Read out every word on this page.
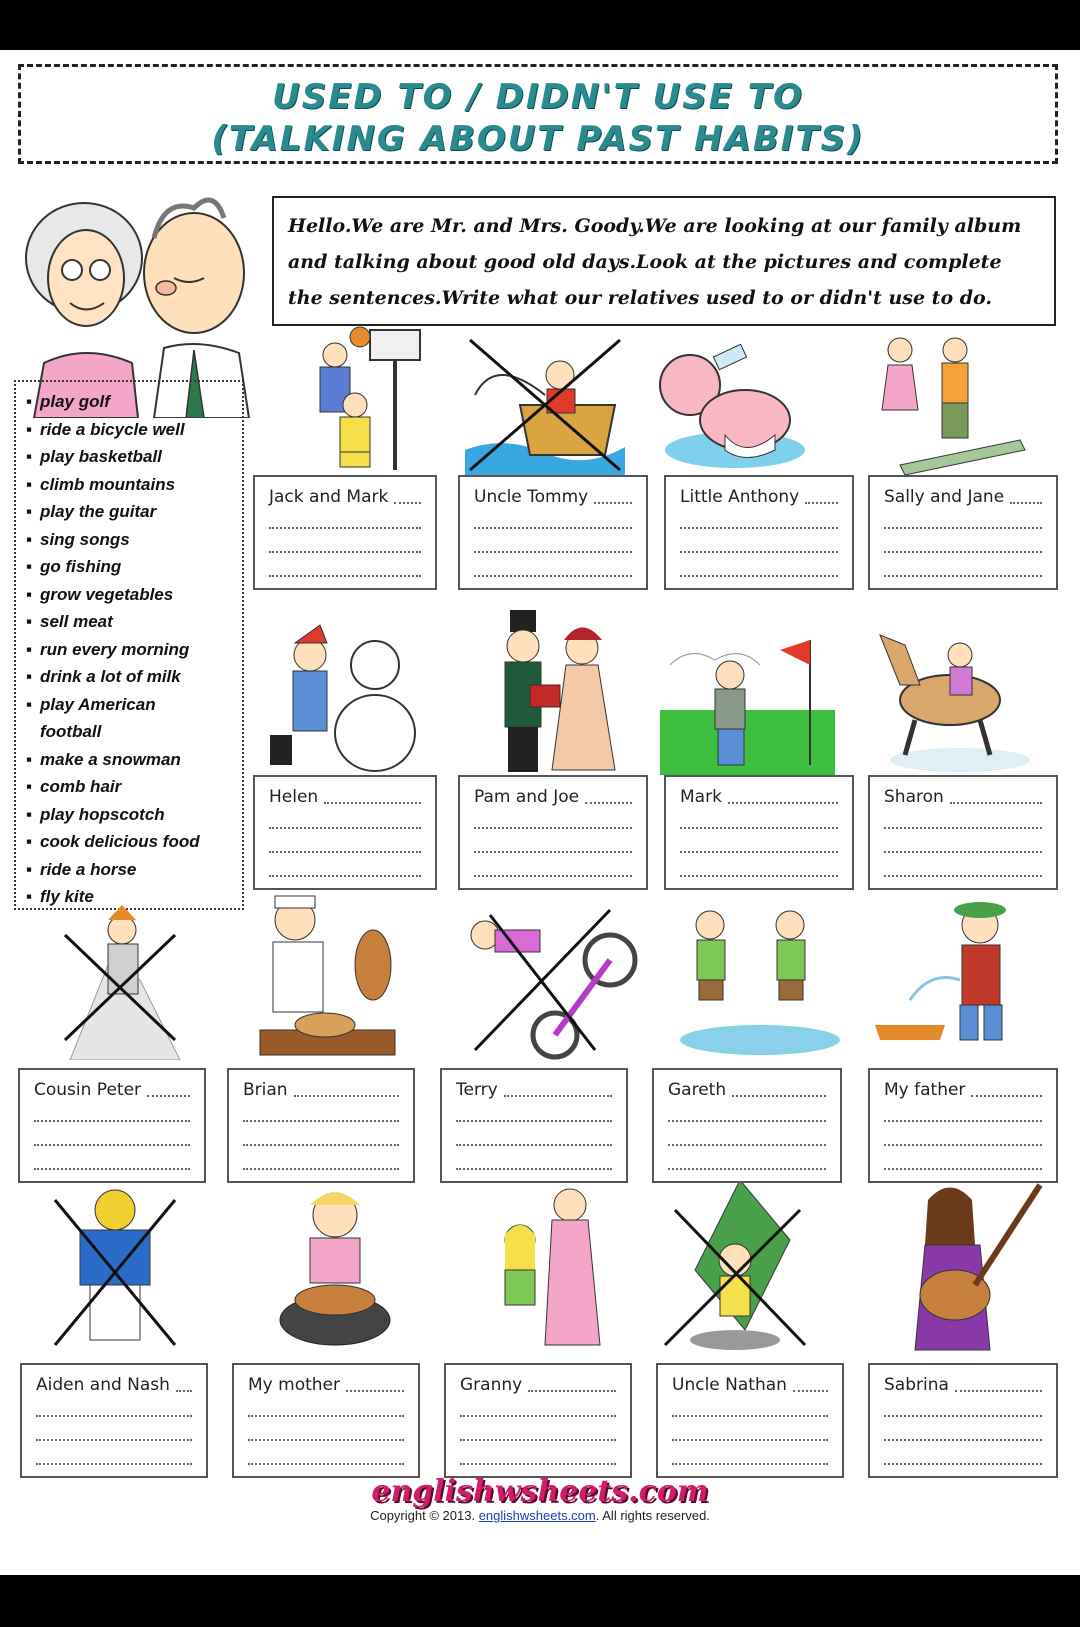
USED TO / DIDN'T USE TO
(TALKING ABOUT PAST HABITS)
Hello.We are Mr. and Mrs. Goody.We are looking at our family album and talking about good old days.Look at the pictures and complete the sentences.Write what our relatives used to or didn't use to do.
▪ play golf
▪ ride a bicycle well
▪ play basketball
▪ climb mountains
▪ play the guitar
▪ sing songs
▪ go fishing
▪ grow vegetables
▪ sell meat
▪ run every morning
▪ drink a lot of milk
▪ play American football
▪ make a snowman
▪ comb hair
▪ play hopscotch
▪ cook delicious food
▪ ride a horse
▪ fly kite
Jack and Mark	Uncle Tommy	Little Anthony	Sally and Jane
Helen	Pam and Joe	Mark	Sharon
Cousin Peter	Brian	Terry	Gareth	My father
Aiden and Nash	My mother	Granny	Uncle Nathan	Sabrina
englishwsheets.com
Copyright © 2013. englishwsheets.com. All rights reserved.
